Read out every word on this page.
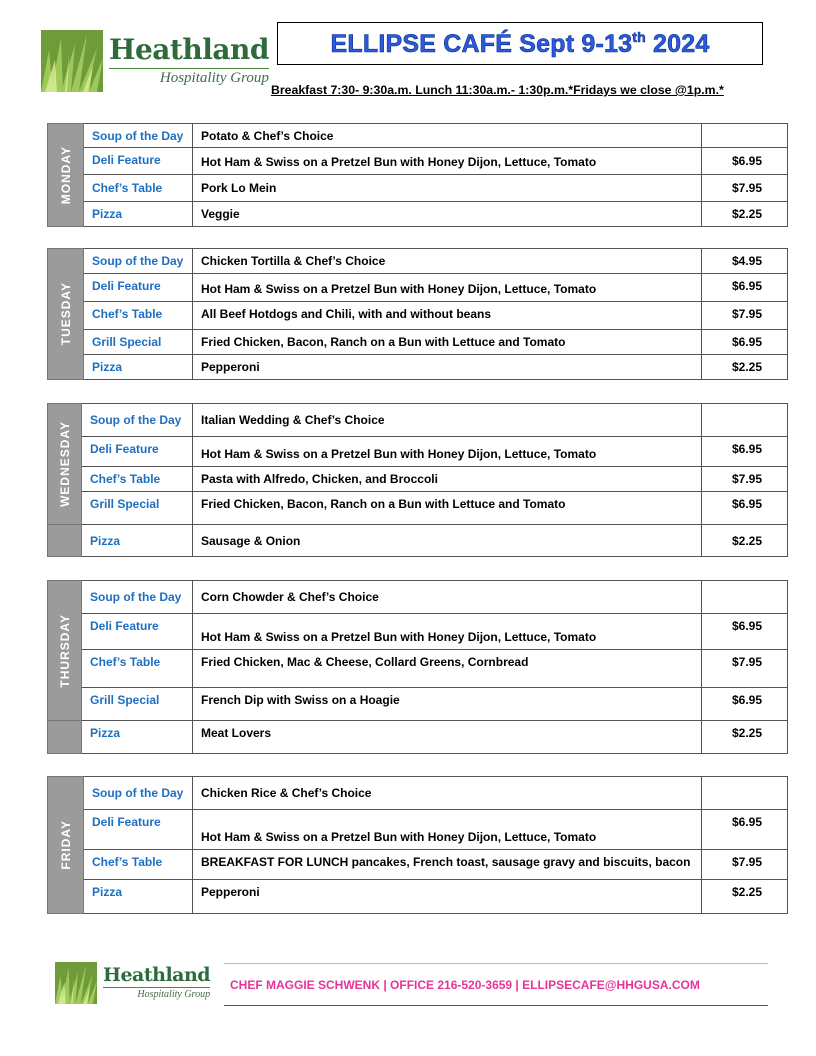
Heathland
Hospitality Group
ELLIPSE CAFÉ Sept 9-13th 2024
Breakfast 7:30- 9:30a.m. Lunch 11:30a.m.- 1:30p.m.*Fridays we close @1p.m.*
MONDAY	Soup of the Day	Potato & Chef’s Choice	
	Deli Feature	Hot Ham & Swiss on a Pretzel Bun with Honey Dijon, Lettuce, Tomato	$6.95
	Chef’s Table	Pork Lo Mein	$7.95
	Pizza	Veggie	$2.25
TUESDAY	Soup of the Day	Chicken Tortilla & Chef’s Choice	$4.95
	Deli Feature	Hot Ham & Swiss on a Pretzel Bun with Honey Dijon, Lettuce, Tomato	$6.95
	Chef’s Table	All Beef Hotdogs and Chili, with and without beans	$7.95
	Grill Special	Fried Chicken, Bacon, Ranch on a Bun with Lettuce and Tomato	$6.95
	Pizza	Pepperoni	$2.25
WEDNESDAY	Soup of the Day	Italian Wedding & Chef’s Choice	
	Deli Feature	Hot Ham & Swiss on a Pretzel Bun with Honey Dijon, Lettuce, Tomato	$6.95
	Chef’s Table	Pasta with Alfredo, Chicken, and Broccoli	$7.95
	Grill Special	Fried Chicken, Bacon, Ranch on a Bun with Lettuce and Tomato	$6.95
	Pizza	Sausage & Onion	$2.25
THURSDAY	Soup of the Day	Corn Chowder & Chef’s Choice	
	Deli Feature	Hot Ham & Swiss on a Pretzel Bun with Honey Dijon, Lettuce, Tomato	$6.95
	Chef’s Table	Fried Chicken, Mac & Cheese, Collard Greens, Cornbread	$7.95
	Grill Special	French Dip with Swiss on a Hoagie	$6.95
	Pizza	Meat Lovers	$2.25
FRIDAY	Soup of the Day	Chicken Rice & Chef’s Choice	
	Deli Feature	Hot Ham & Swiss on a Pretzel Bun with Honey Dijon, Lettuce, Tomato	$6.95
	Chef’s Table	BREAKFAST FOR LUNCH pancakes, French toast, sausage gravy and biscuits, bacon	$7.95
	Pizza	Pepperoni	$2.25
Heathland
Hospitality Group
CHEF MAGGIE SCHWENK | OFFICE 216-520-3659 | ELLIPSECAFE@HHGUSA.COM
